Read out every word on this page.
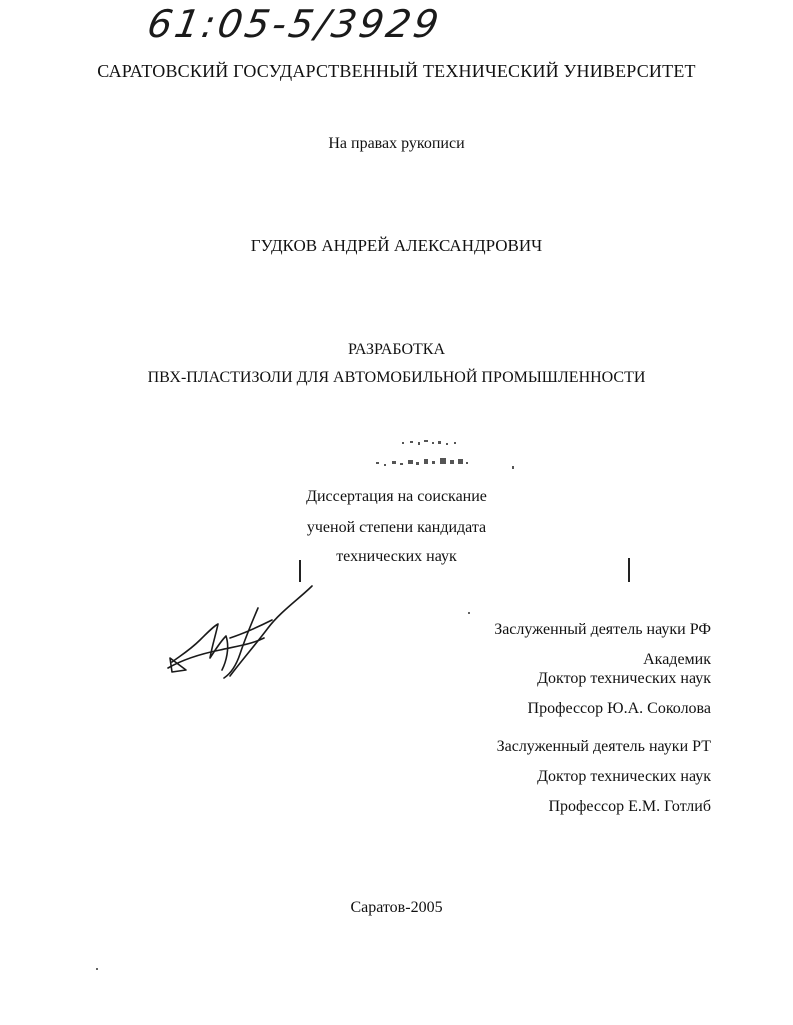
61:05-5/3929
САРАТОВСКИЙ ГОСУДАРСТВЕННЫЙ ТЕХНИЧЕСКИЙ УНИВЕРСИТЕТ
На правах рукописи
ГУДКОВ АНДРЕЙ АЛЕКСАНДРОВИЧ
РАЗРАБОТКА
ПВХ-ПЛАСТИЗОЛИ ДЛЯ АВТОМОБИЛЬНОЙ ПРОМЫШЛЕННОСТИ
Диссертация на соискание
ученой степени кандидата
технических наук
Заслуженный деятель науки РФ
Академик
Доктор технических наук
Профессор Ю.А. Соколова
Заслуженный деятель науки РТ
Доктор технических наук
Профессор Е.М. Готлиб
Саратов-2005
